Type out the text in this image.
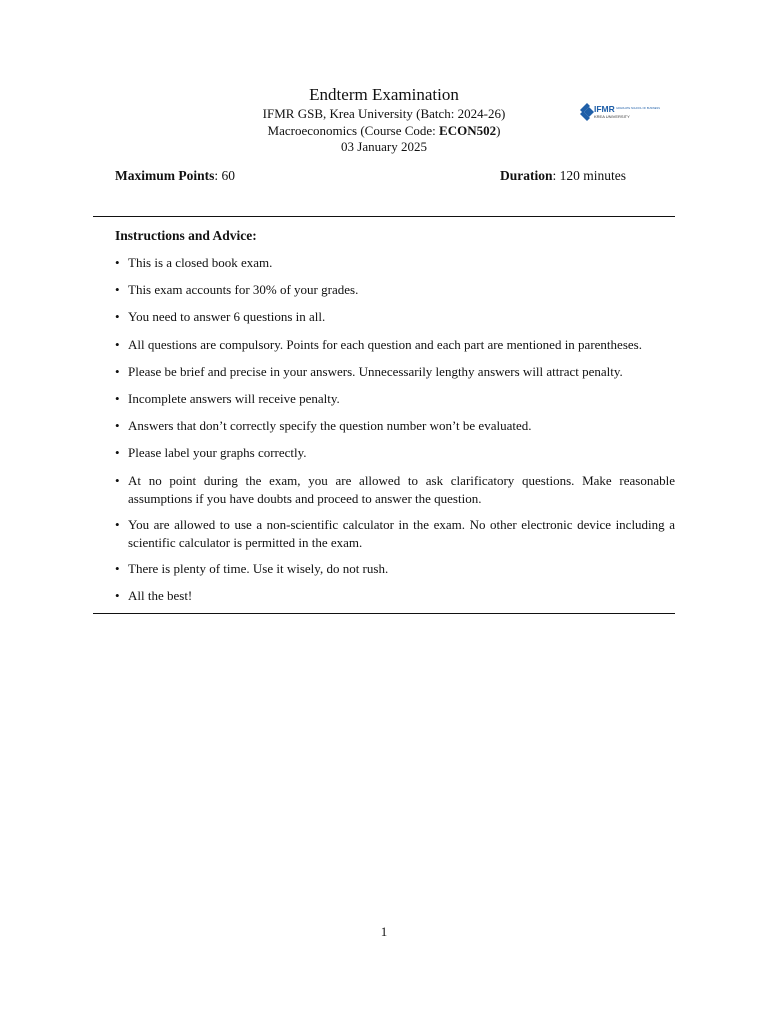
Endterm Examination
IFMR GSB, Krea University (Batch: 2024-26)
Macroeconomics (Course Code: ECON502)
03 January 2025
IFMR GRADUATE SCHOOL OF BUSINESS
KREA UNIVERSITY
Maximum Points: 60	Duration: 120 minutes
Instructions and Advice:
• This is a closed book exam.
• This exam accounts for 30% of your grades.
• You need to answer 6 questions in all.
• All questions are compulsory. Points for each question and each part are mentioned in parentheses.
• Please be brief and precise in your answers. Unnecessarily lengthy answers will attract penalty.
• Incomplete answers will receive penalty.
• Answers that don’t correctly specify the question number won’t be evaluated.
• Please label your graphs correctly.
• At no point during the exam, you are allowed to ask clarificatory questions. Make reasonable assumptions if you have doubts and proceed to answer the question.
• You are allowed to use a non-scientific calculator in the exam. No other electronic device including a scientific calculator is permitted in the exam.
• There is plenty of time. Use it wisely, do not rush.
• All the best!
1
